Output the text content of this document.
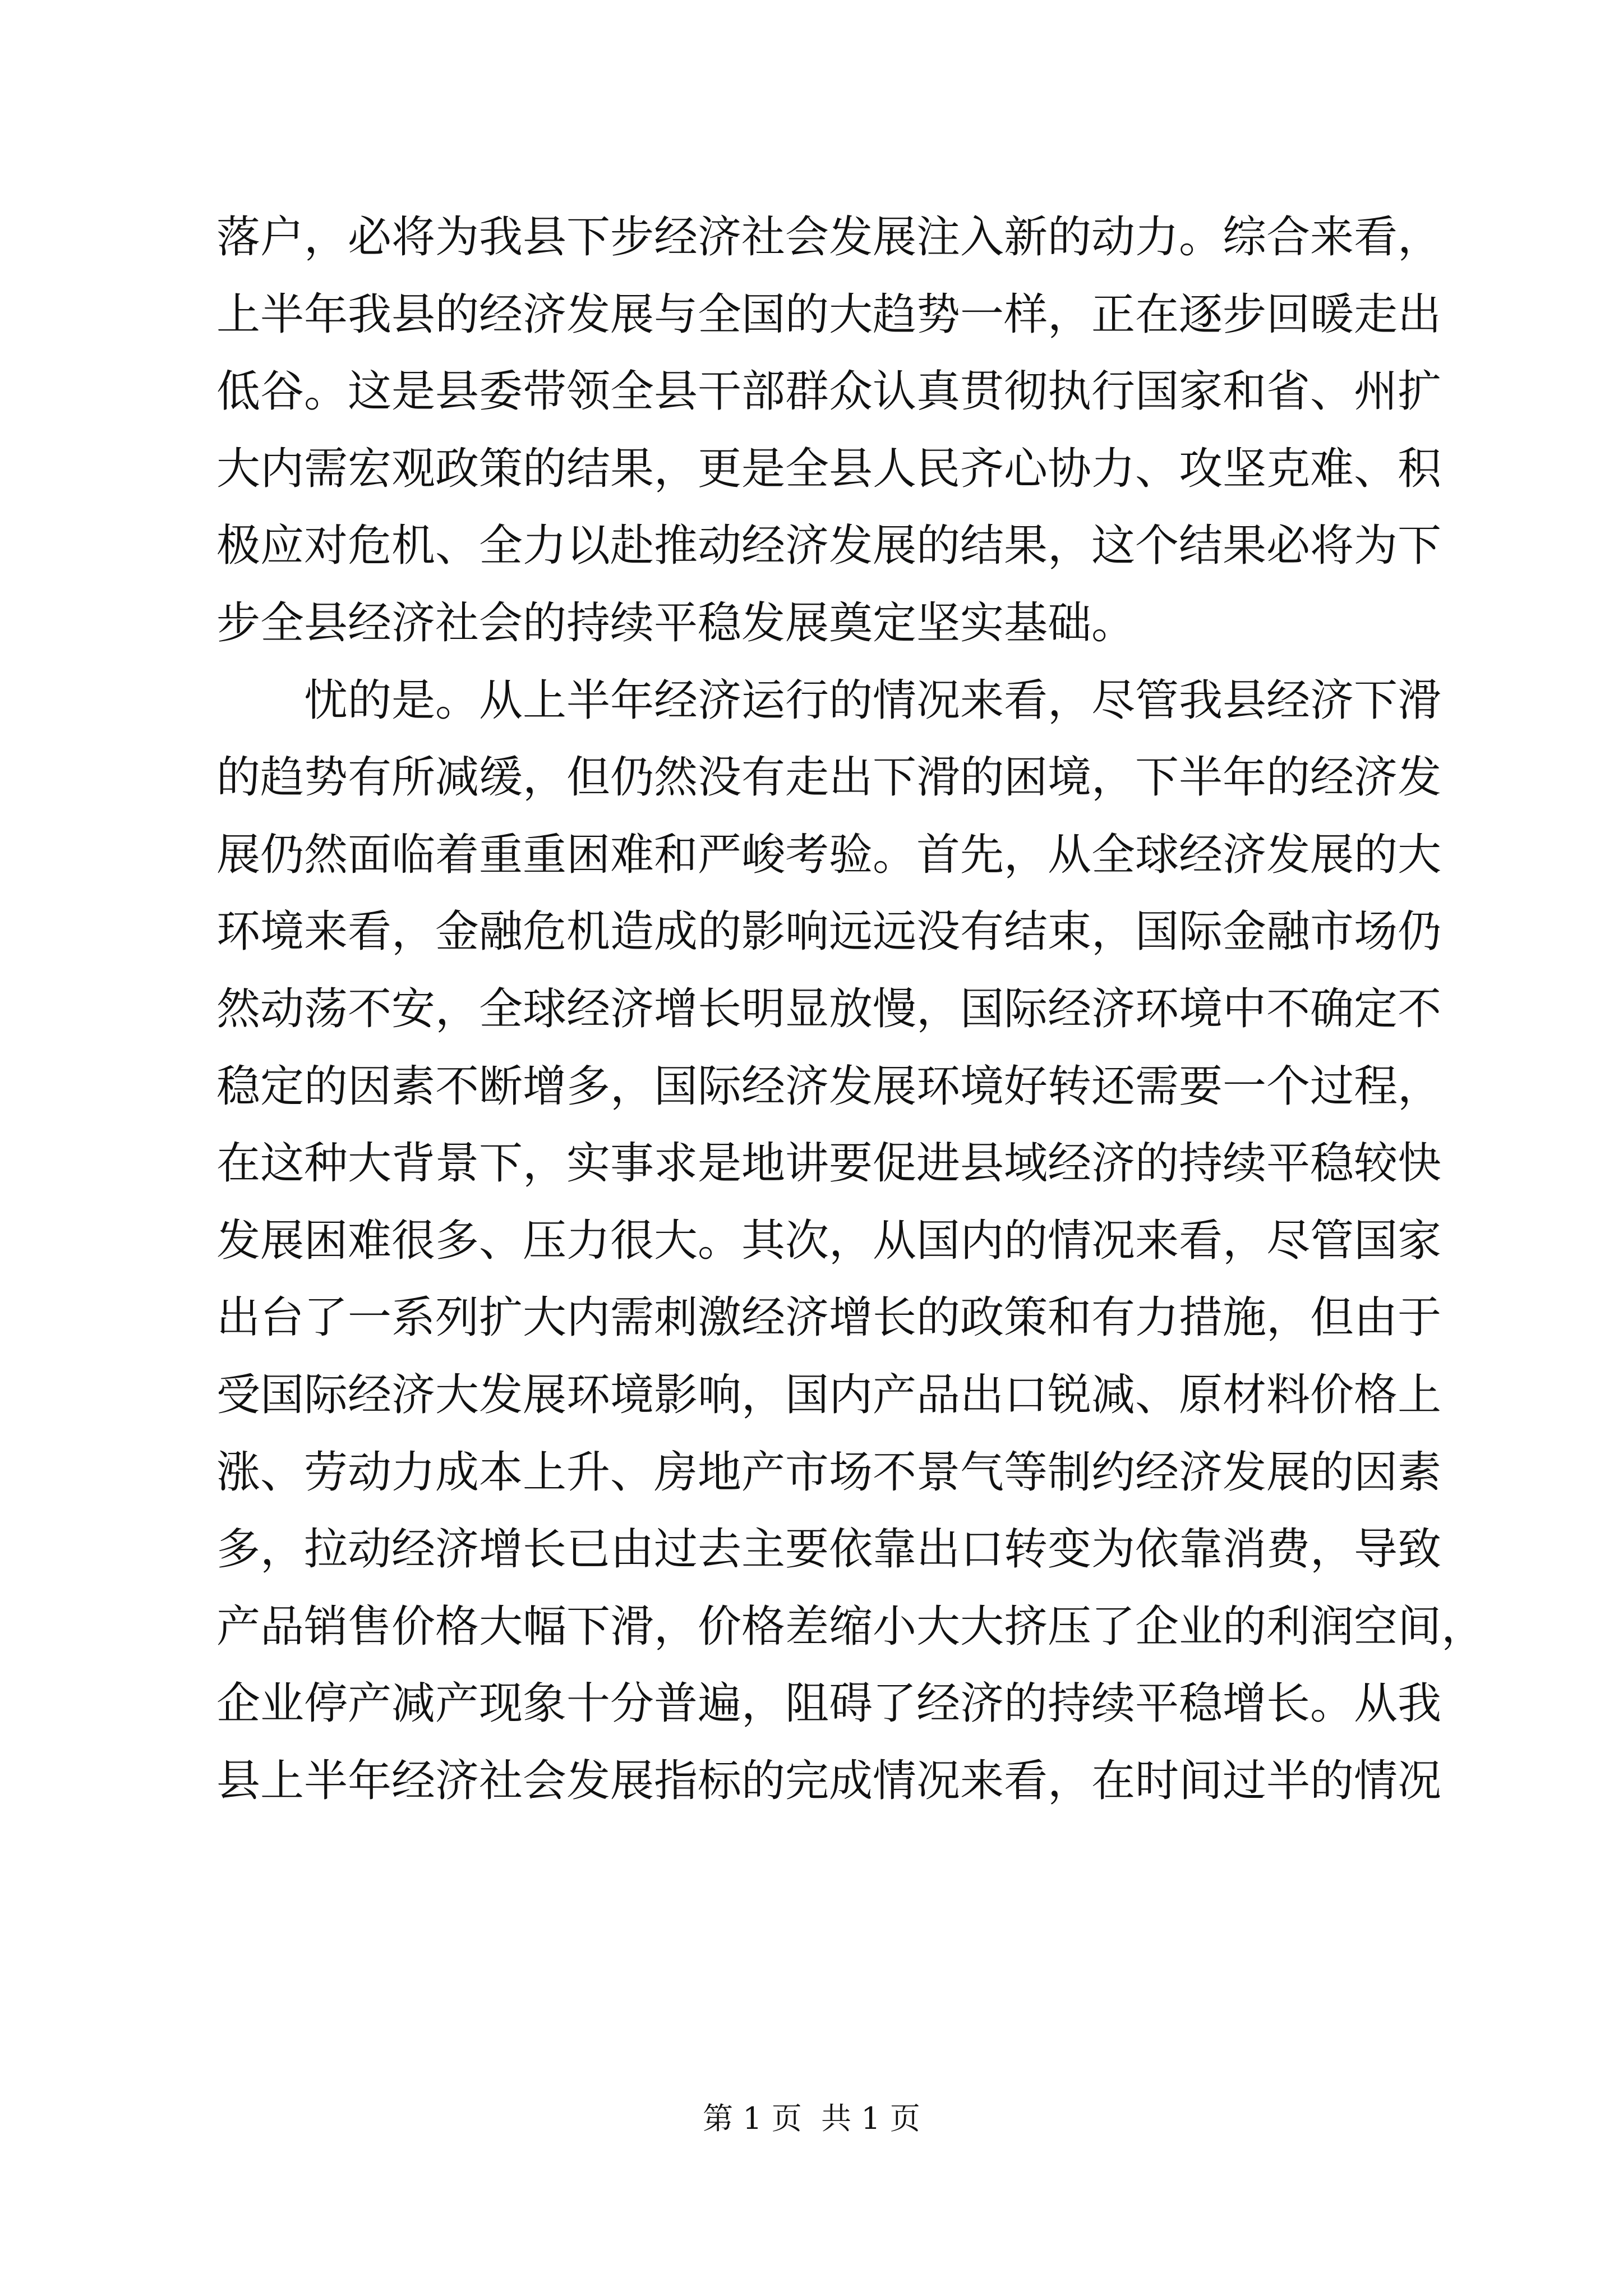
落户，必将为我县下步经济社会发展注入新的动力。综合来看，
上半年我县的经济发展与全国的大趋势一样，正在逐步回暖走出
低谷。这是县委带领全县干部群众认真贯彻执行国家和省、州扩
大内需宏观政策的结果，更是全县人民齐心协力、攻坚克难、积
极应对危机、全力以赴推动经济发展的结果，这个结果必将为下
步全县经济社会的持续平稳发展奠定坚实基础。
忧的是。从上半年经济运行的情况来看，尽管我县经济下滑
的趋势有所减缓，但仍然没有走出下滑的困境，下半年的经济发
展仍然面临着重重困难和严峻考验。首先，从全球经济发展的大
环境来看，金融危机造成的影响远远没有结束，国际金融市场仍
然动荡不安，全球经济增长明显放慢，国际经济环境中不确定不
稳定的因素不断增多，国际经济发展环境好转还需要一个过程，
在这种大背景下，实事求是地讲要促进县域经济的持续平稳较快
发展困难很多、压力很大。其次，从国内的情况来看，尽管国家
出台了一系列扩大内需刺激经济增长的政策和有力措施，但由于
受国际经济大发展环境影响，国内产品出口锐减、原材料价格上
涨、劳动力成本上升、房地产市场不景气等制约经济发展的因素
多，拉动经济增长已由过去主要依靠出口转变为依靠消费，导致
产品销售价格大幅下滑，价格差缩小大大挤压了企业的利润空间，
企业停产减产现象十分普遍，阻碍了经济的持续平稳增长。从我
县上半年经济社会发展指标的完成情况来看，在时间过半的情况
第 1 页  共 1 页
